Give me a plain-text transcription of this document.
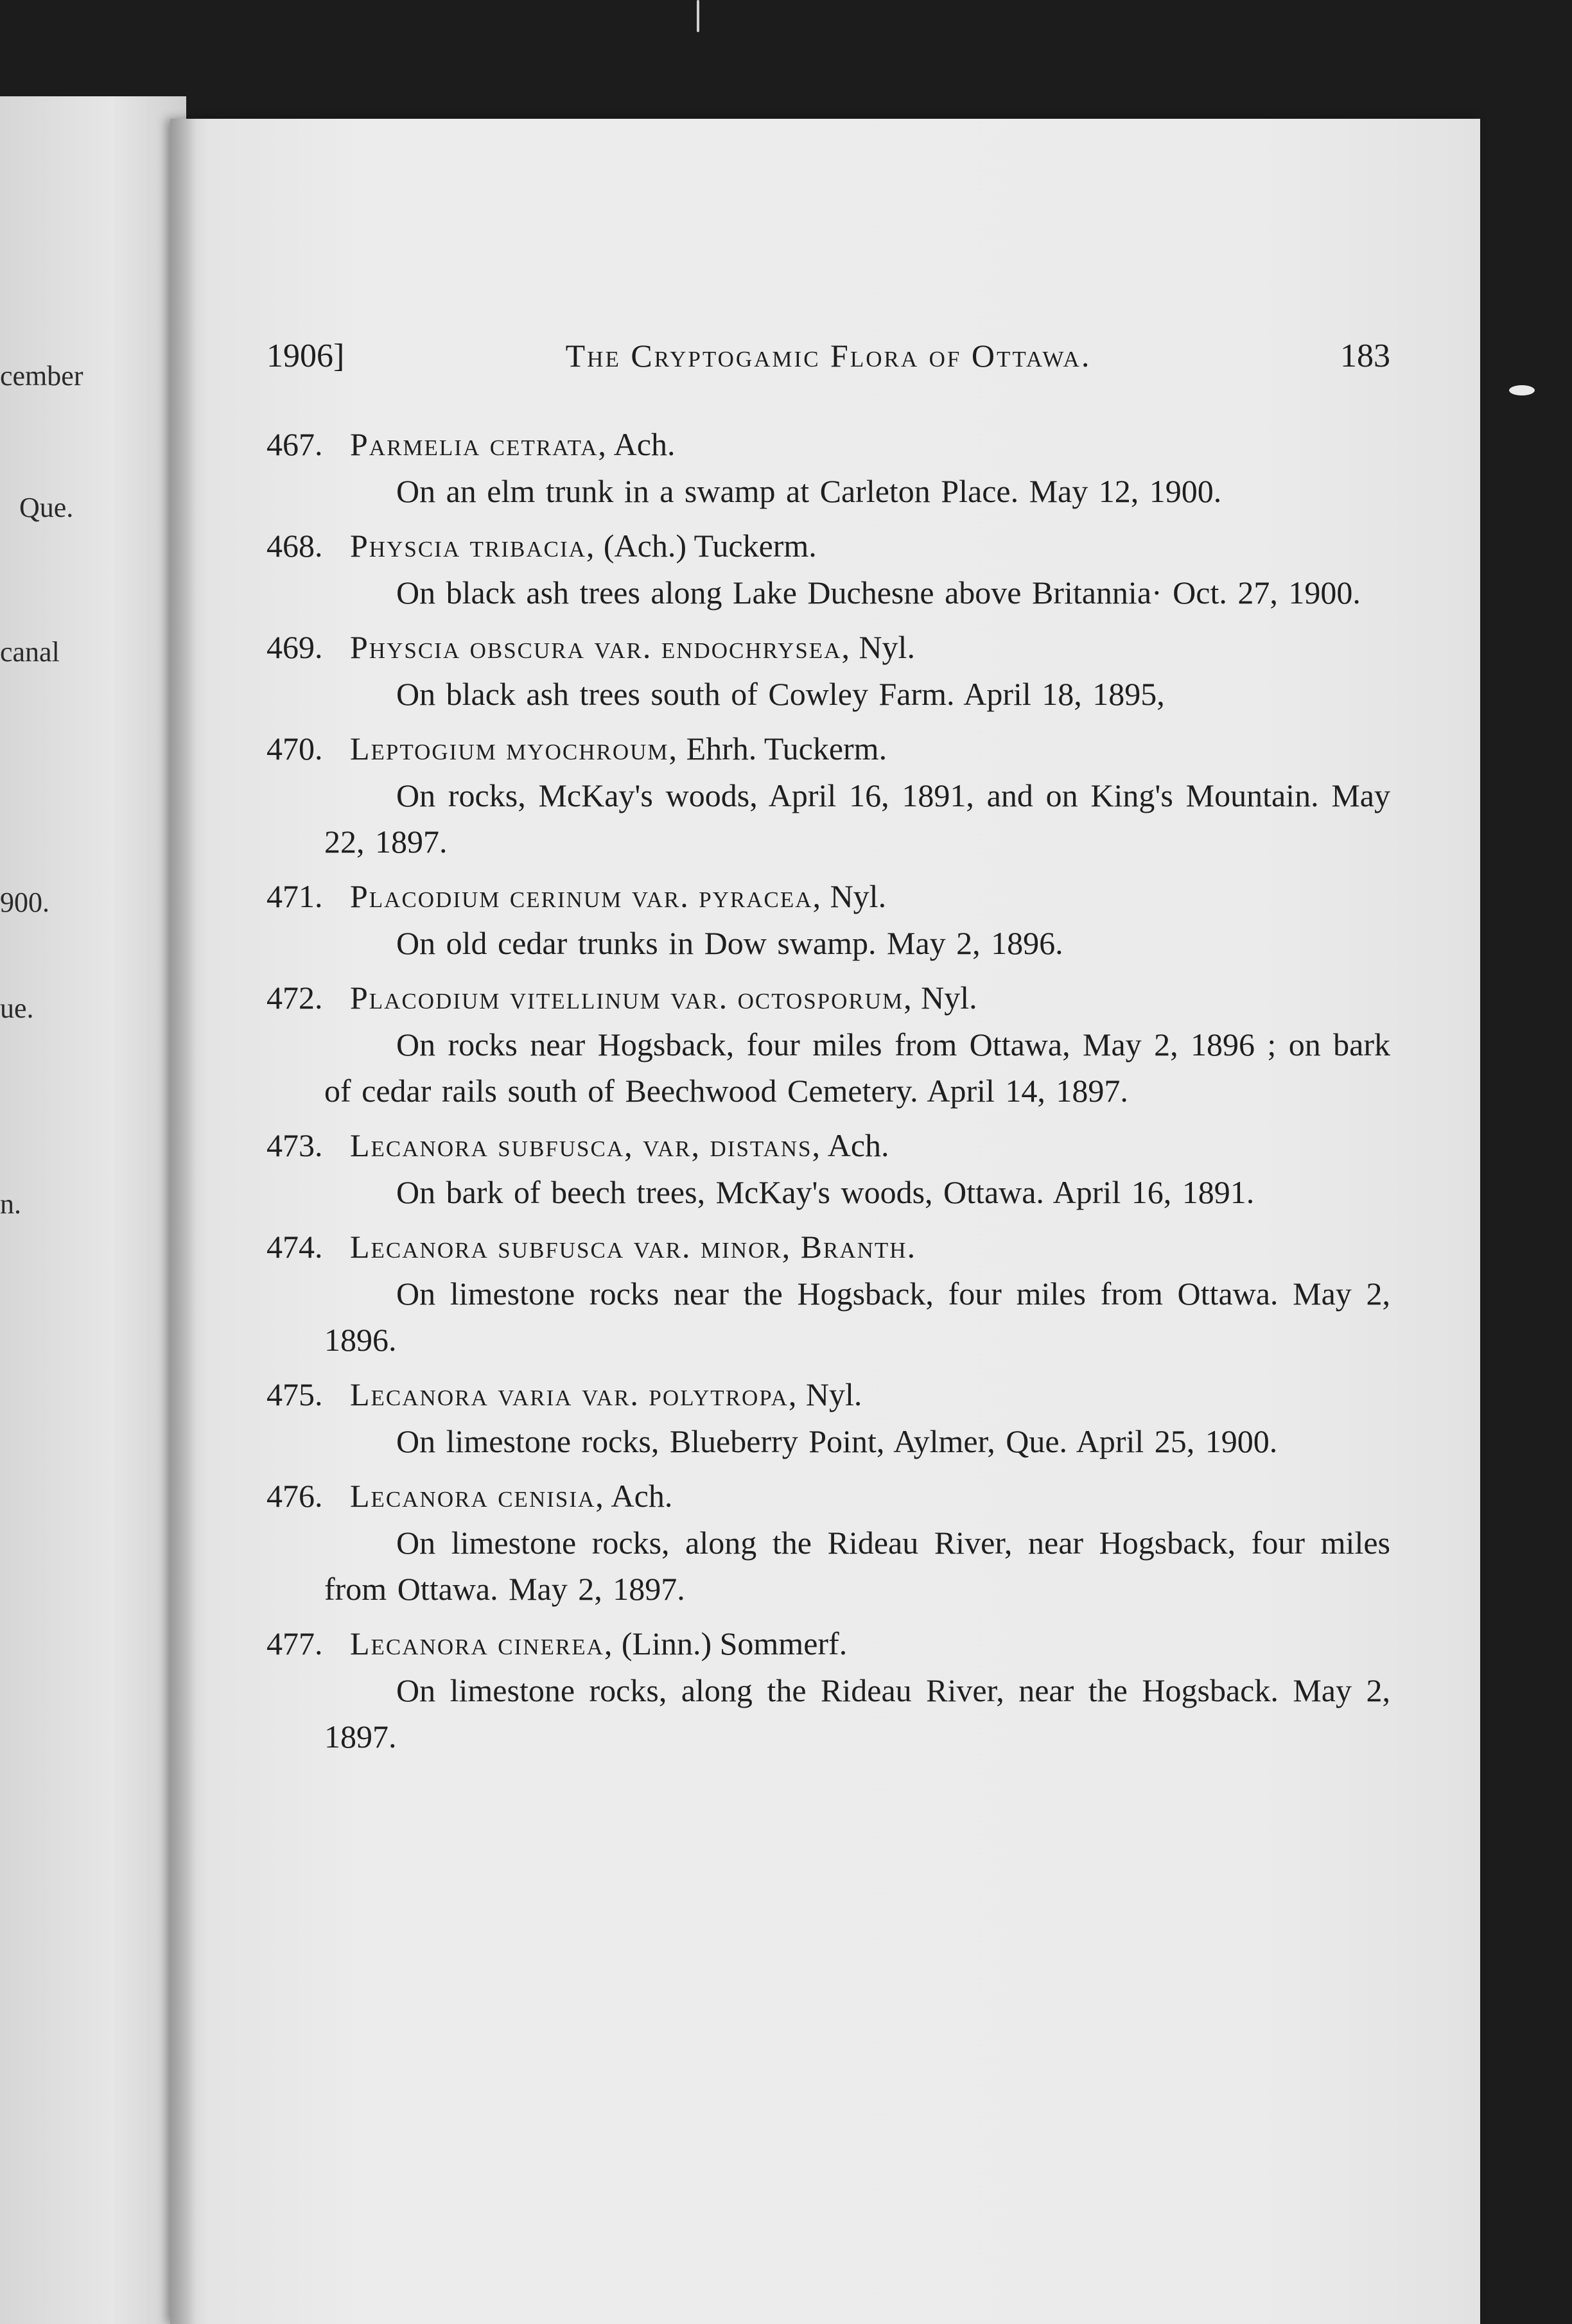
cember
Que.
canal
900.
ue.
n.
1906]	The Cryptogamic Flora of Ottawa.	183
467. Parmelia cetrata, Ach.
On an elm trunk in a swamp at Carleton Place. May 12, 1900.
468. Physcia tribacia, (Ach.) Tuckerm.
On black ash trees along Lake Duchesne above Britannia· Oct. 27, 1900.
469. Physcia obscura var. endochrysea, Nyl.
On black ash trees south of Cowley Farm. April 18, 1895,
470. Leptogium myochroum, Ehrh. Tuckerm.
On rocks, McKay's woods, April 16, 1891, and on King's Mountain. May 22, 1897.
471. Placodium cerinum var. pyracea, Nyl.
On old cedar trunks in Dow swamp. May 2, 1896.
472. Placodium vitellinum var. octosporum, Nyl.
On rocks near Hogsback, four miles from Ottawa, May 2, 1896 ; on bark of cedar rails south of Beechwood Cemetery. April 14, 1897.
473. Lecanora subfusca, var, distans, Ach.
On bark of beech trees, McKay's woods, Ottawa. April 16, 1891.
474. Lecanora subfusca var. minor, Branth.
On limestone rocks near the Hogsback, four miles from Ottawa. May 2, 1896.
475. Lecanora varia var. polytropa, Nyl.
On limestone rocks, Blueberry Point, Aylmer, Que. April 25, 1900.
476. Lecanora cenisia, Ach.
On limestone rocks, along the Rideau River, near Hogsback, four miles from Ottawa. May 2, 1897.
477. Lecanora cinerea, (Linn.) Sommerf.
On limestone rocks, along the Rideau River, near the Hogsback. May 2, 1897.
